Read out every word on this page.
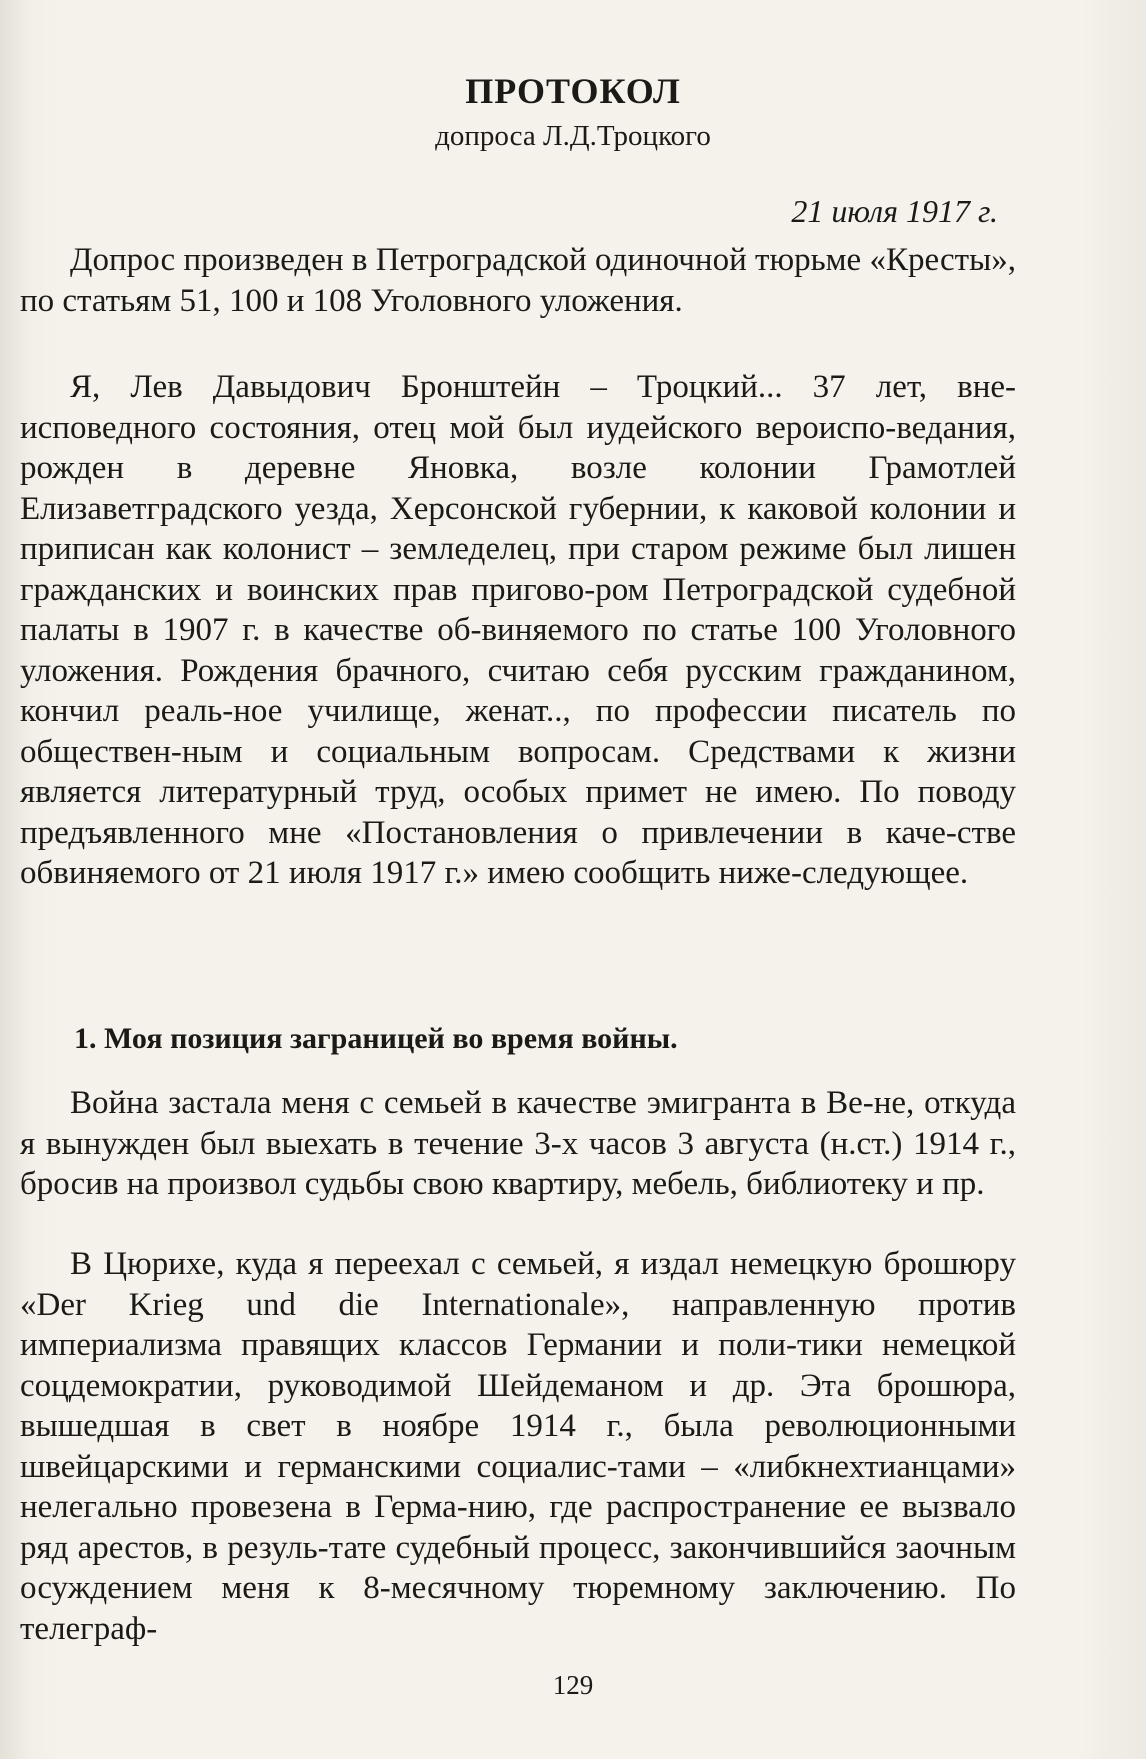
ПРОТОКОЛ
допроса Л.Д.Троцкого
21 июля 1917 г.

Допрос произведен в Петроградской одиночной тюрьме «Кресты», по статьям 51, 100 и 108 Уголовного уложения.

Я, Лев Давыдович Бронштейн – Троцкий... 37 лет, вне-исповедного состояния, отец мой был иудейского вероиспо-ведания, рожден в деревне Яновка, возле колонии Грамотлей Елизаветградского уезда, Херсонской губернии, к каковой колонии и приписан как колонист – земледелец, при старом режиме был лишен гражданских и воинских прав пригово-ром Петроградской судебной палаты в 1907 г. в качестве об-виняемого по статье 100 Уголовного уложения. Рождения брачного, считаю себя русским гражданином, кончил реаль-ное училище, женат.., по профессии писатель по обществен-ным и социальным вопросам. Средствами к жизни является литературный труд, особых примет не имею. По поводу предъявленного мне «Постановления о привлечении в каче-стве обвиняемого от 21 июля 1917 г.» имею сообщить ниже-следующее.

1. Моя позиция заграницей во время войны.

Война застала меня с семьей в качестве эмигранта в Ве-не, откуда я вынужден был выехать в течение 3-х часов 3 августа (н.ст.) 1914 г., бросив на произвол судьбы свою квартиру, мебель, библиотеку и пр.

В Цюрихе, куда я переехал с семьей, я издал немецкую брошюру «Der Krieg und die Internationale», направленную против империализма правящих классов Германии и поли-тики немецкой соцдемократии, руководимой Шейдеманом и др. Эта брошюра, вышедшая в свет в ноябре 1914 г., была революционными швейцарскими и германскими социалис-тами – «либкнехтианцами» нелегально провезена в Герма-нию, где распространение ее вызвало ряд арестов, в резуль-тате судебный процесс, закончившийся заочным осуждением меня к 8-месячному тюремному заключению. По телеграф-

129
